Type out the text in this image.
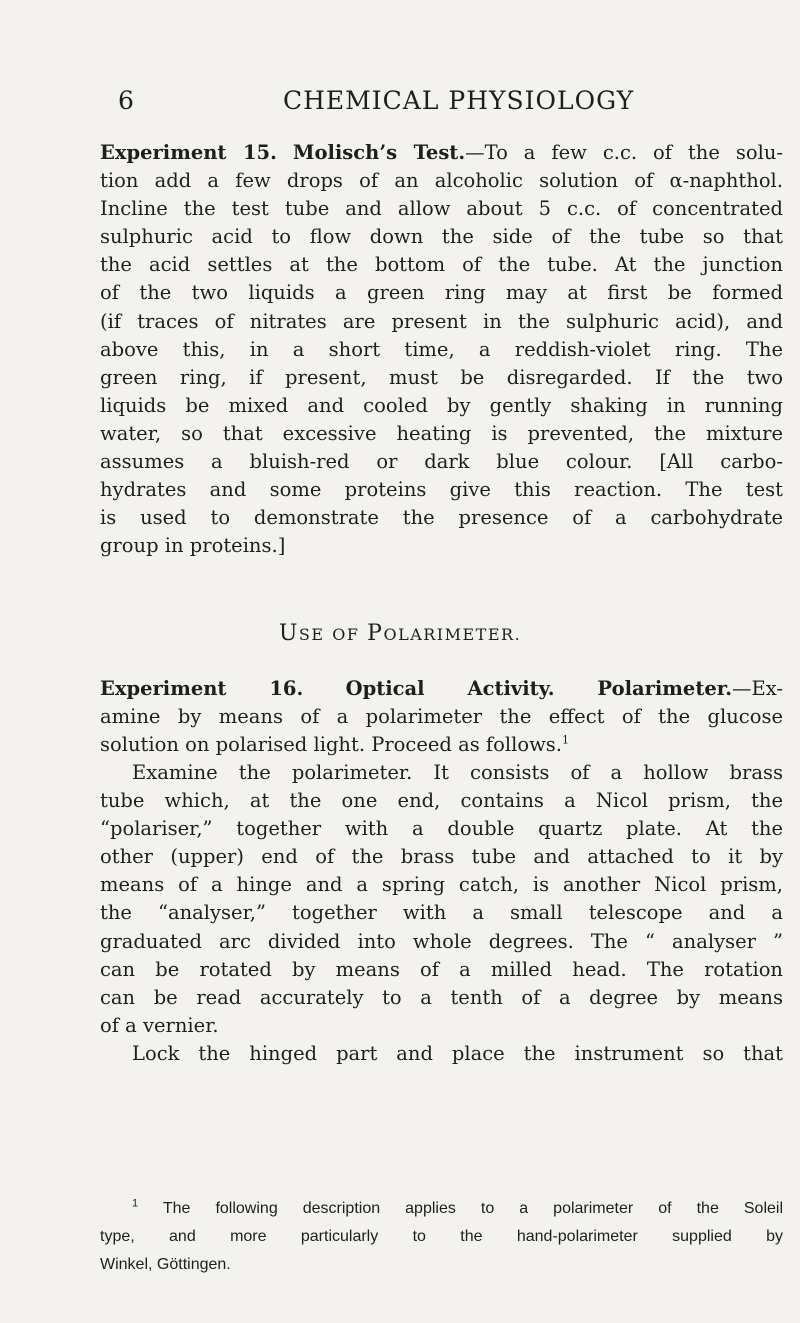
6	CHEMICAL PHYSIOLOGY
Experiment 15. Molisch’s Test.—To a few c.c. of the solu-
tion add a few drops of an alcoholic solution of α-naphthol.
Incline the test tube and allow about 5 c.c. of concentrated
sulphuric acid to flow down the side of the tube so that
the acid settles at the bottom of the tube. At the junction
of the two liquids a green ring may at first be formed
(if traces of nitrates are present in the sulphuric acid), and
above this, in a short time, a reddish-violet ring. The
green ring, if present, must be disregarded. If the two
liquids be mixed and cooled by gently shaking in running
water, so that excessive heating is prevented, the mixture
assumes a bluish-red or dark blue colour. [All carbo-
hydrates and some proteins give this reaction. The test
is used to demonstrate the presence of a carbohydrate
group in proteins.]
USE OF POLARIMETER.
Experiment 16. Optical Activity. Polarimeter.—Ex-
amine by means of a polarimeter the effect of the glucose
solution on polarised light. Proceed as follows.$^1$
Examine the polarimeter. It consists of a hollow brass
tube which, at the one end, contains a Nicol prism, the
“polariser,” together with a double quartz plate. At the
other (upper) end of the brass tube and attached to it by
means of a hinge and a spring catch, is another Nicol prism,
the “analyser,” together with a small telescope and a
graduated arc divided into whole degrees. The “ analyser ”
can be rotated by means of a milled head. The rotation
can be read accurately to a tenth of a degree by means
of a vernier.
Lock the hinged part and place the instrument so that
$^1$ The following description applies to a polarimeter of the Soleil
type, and more particularly to the hand-polarimeter supplied by
Winkel, Göttingen.
